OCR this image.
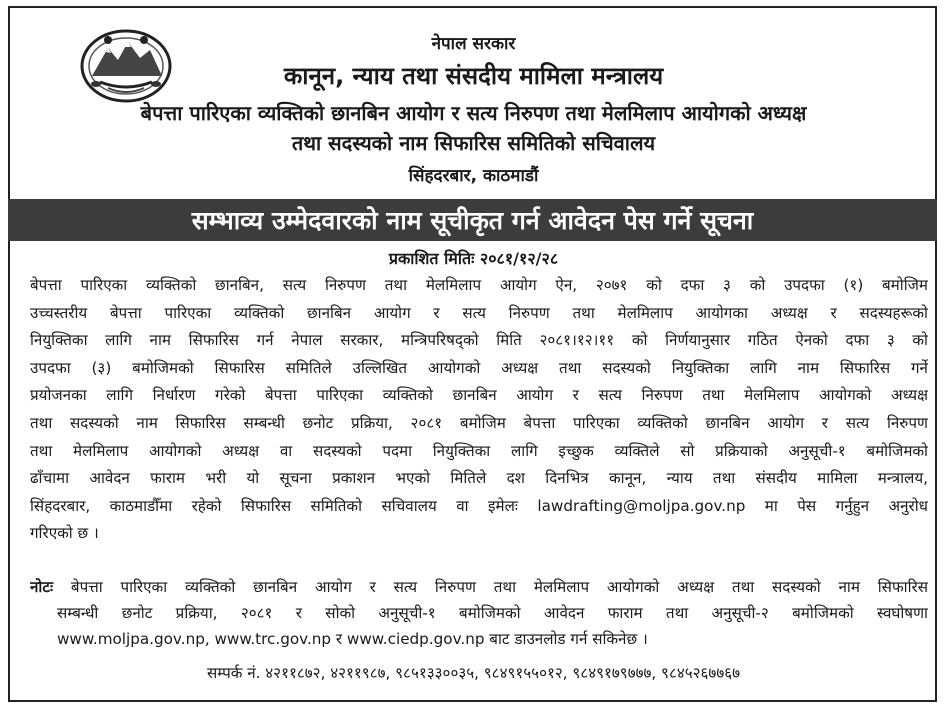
नेपाल सरकार
कानून, न्याय तथा संसदीय मामिला मन्त्रालय
बेपत्ता पारिएका व्यक्तिको छानबिन आयोग र सत्य निरुपण तथा मेलमिलाप आयोगको अध्यक्ष
तथा सदस्यको नाम सिफारिस समितिको सचिवालय
सिंहदरबार, काठमाडौं
सम्भाव्य उम्मेदवारको नाम सूचीकृत गर्न आवेदन पेस गर्ने सूचना
प्रकाशित मितिः २०८१/१२/२८
बेपत्ता पारिएका व्यक्तिको छानबिन, सत्य निरुपण तथा मेलमिलाप आयोग ऐन, २०७१ को दफा ३ को उपदफा (१) बमोजिम
उच्चस्तरीय बेपत्ता पारिएका व्यक्तिको छानबिन आयोग र सत्य निरुपण तथा मेलमिलाप आयोगका अध्यक्ष र सदस्यहरूको
नियुक्तिका लागि नाम सिफारिस गर्न नेपाल सरकार, मन्त्रिपरिषद्को मिति २०८१।१२।११ को निर्णयानुसार गठित ऐनको दफा ३ को
उपदफा (३) बमोजिमको सिफारिस समितिले उल्लिखित आयोगको अध्यक्ष तथा सदस्यको नियुक्तिका लागि नाम सिफारिस गर्ने
प्रयोजनका लागि निर्धारण गरेको बेपत्ता पारिएका व्यक्तिको छानबिन आयोग र सत्य निरुपण तथा मेलमिलाप आयोगको अध्यक्ष
तथा सदस्यको नाम सिफारिस सम्बन्धी छनोट प्रक्रिया, २०८१ बमोजिम बेपत्ता पारिएका व्यक्तिको छानबिन आयोग र सत्य निरुपण
तथा मेलमिलाप आयोगको अध्यक्ष वा सदस्यको पदमा नियुक्तिका लागि इच्छुक व्यक्तिले सो प्रक्रियाको अनुसूची-१ बमोजिमको
ढाँचामा आवेदन फाराम भरी यो सूचना प्रकाशन भएको मितिले दश दिनभित्र कानून, न्याय तथा संसदीय मामिला मन्त्रालय,
सिंहदरबार, काठमाडौँमा रहेको सिफारिस समितिको सचिवालय वा इमेलः lawdrafting@moljpa.gov.np मा पेस गर्नुहुन अनुरोध
गरिएको छ ।
नोटः बेपत्ता पारिएका व्यक्तिको छानबिन आयोग र सत्य निरुपण तथा मेलमिलाप आयोगको अध्यक्ष तथा सदस्यको नाम सिफारिस
सम्बन्धी छनोट प्रक्रिया, २०८१ र सोको अनुसूची-१ बमोजिमको आवेदन फाराम तथा अनुसूची-२ बमोजिमको स्वघोषणा
www.moljpa.gov.np, www.trc.gov.np र www.ciedp.gov.np बाट डाउनलोड गर्न सकिनेछ ।
सम्पर्क नं. ४२११८७२, ४२११९८७, ९८५१३३००३५, ९८४९१५५०१२, ९८४९१७९७७७, ९८४५२६७७६७
